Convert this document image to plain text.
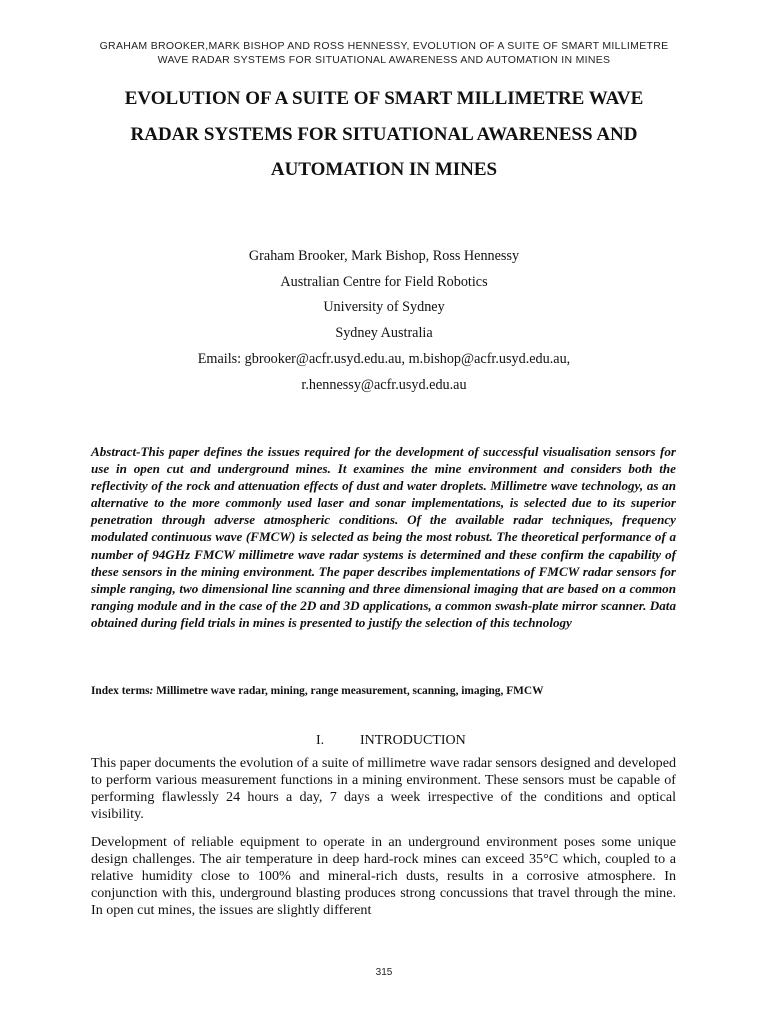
GRAHAM BROOKER,MARK BISHOP AND ROSS HENNESSY, EVOLUTION OF A SUITE OF SMART MILLIMETRE
WAVE RADAR SYSTEMS FOR SITUATIONAL AWARENESS AND AUTOMATION IN MINES
EVOLUTION OF A SUITE OF SMART MILLIMETRE WAVE
RADAR SYSTEMS FOR SITUATIONAL AWARENESS AND
AUTOMATION IN MINES
Graham Brooker, Mark Bishop, Ross Hennessy
Australian Centre for Field Robotics
University of Sydney
Sydney Australia
Emails: gbrooker@acfr.usyd.edu.au, m.bishop@acfr.usyd.edu.au,
r.hennessy@acfr.usyd.edu.au

Abstract-This paper defines the issues required for the development of successful visualisation sensors for use in open cut and underground mines. It examines the mine environment and considers both the reflectivity of the rock and attenuation effects of dust and water droplets. Millimetre wave technology, as an alternative to the more commonly used laser and sonar implementations, is selected due to its superior penetration through adverse atmospheric conditions. Of the available radar techniques, frequency modulated continuous wave (FMCW) is selected as being the most robust. The theoretical performance of a number of 94GHz FMCW millimetre wave radar systems is determined and these confirm the capability of these sensors in the mining environment. The paper describes implementations of FMCW radar sensors for simple ranging, two dimensional line scanning and three dimensional imaging that are based on a common ranging module and in the case of the 2D and 3D applications, a common swash-plate mirror scanner. Data obtained during field trials in mines is presented to justify the selection of this technology

Index terms: Millimetre wave radar, mining, range measurement, scanning, imaging, FMCW

I.	INTRODUCTION

This paper documents the evolution of a suite of millimetre wave radar sensors designed and developed to perform various measurement functions in a mining environment. These sensors must be capable of performing flawlessly 24 hours a day, 7 days a week irrespective of the conditions and optical visibility.

Development of reliable equipment to operate in an underground environment poses some unique design challenges. The air temperature in deep hard-rock mines can exceed 35°C which, coupled to a relative humidity close to 100% and mineral-rich dusts, results in a corrosive atmosphere. In conjunction with this, underground blasting produces strong concussions that travel through the mine. In open cut mines, the issues are slightly different

315
